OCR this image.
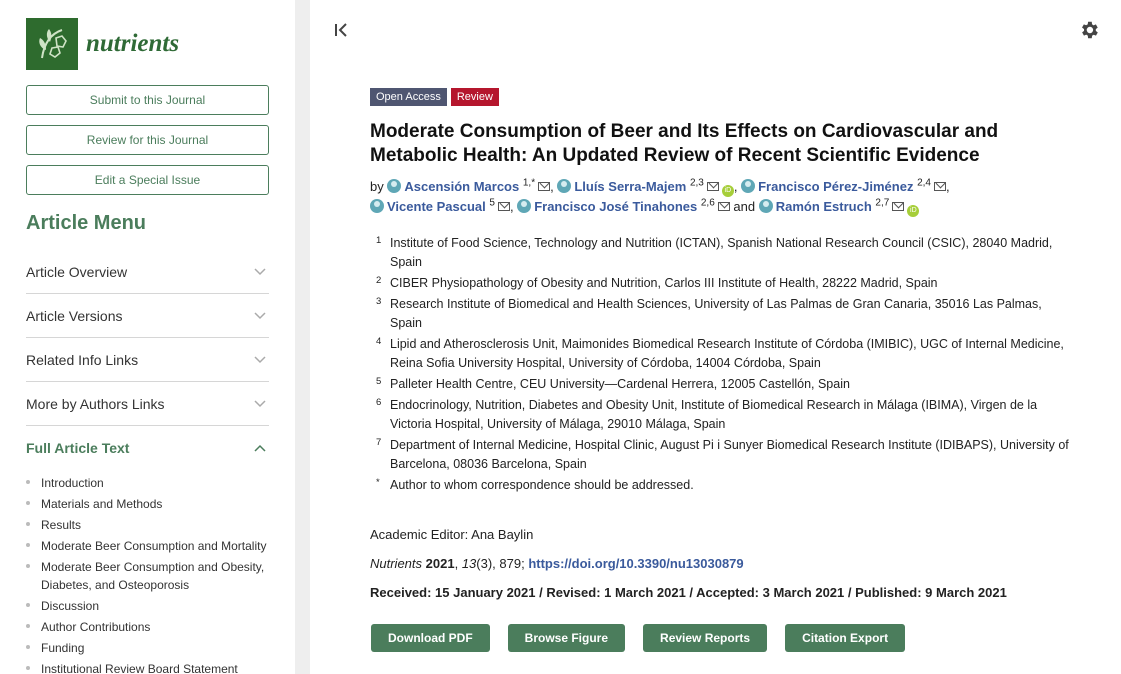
nutrients
Submit to this Journal
Review for this Journal
Edit a Special Issue
Article Menu
Article Overview
Article Versions
Related Info Links
More by Authors Links
Full Article Text
Introduction
Materials and Methods
Results
Moderate Beer Consumption and Mortality
Moderate Beer Consumption and Obesity, Diabetes, and Osteoporosis
Discussion
Author Contributions
Funding
Institutional Review Board Statement
Open Access	Review
Moderate Consumption of Beer and Its Effects on Cardiovascular and Metabolic Health: An Updated Review of Recent Scientific Evidence
by Ascensión Marcos $^{1,*}$ , Lluís Serra-Majem $^{2,3}$iD , Francisco Pérez-Jiménez $^{2,4}$ ,
Vicente Pascual $^5$ , Francisco José Tinahones $^{2,6}$ and Ramón Estruch $^{2,7}$iD
1 Institute of Food Science, Technology and Nutrition (ICTAN), Spanish National Research Council (CSIC), 28040 Madrid, Spain
2 CIBER Physiopathology of Obesity and Nutrition, Carlos III Institute of Health, 28222 Madrid, Spain
3 Research Institute of Biomedical and Health Sciences, University of Las Palmas de Gran Canaria, 35016 Las Palmas, Spain
4 Lipid and Atherosclerosis Unit, Maimonides Biomedical Research Institute of Córdoba (IMIBIC), UGC of Internal Medicine, Reina Sofia University Hospital, University of Córdoba, 14004 Córdoba, Spain
5 Palleter Health Centre, CEU University—Cardenal Herrera, 12005 Castellón, Spain
6 Endocrinology, Nutrition, Diabetes and Obesity Unit, Institute of Biomedical Research in Málaga (IBIMA), Virgen de la Victoria Hospital, University of Málaga, 29010 Málaga, Spain
7 Department of Internal Medicine, Hospital Clinic, August Pi i Sunyer Biomedical Research Institute (IDIBAPS), University of Barcelona, 08036 Barcelona, Spain
* Author to whom correspondence should be addressed.
Academic Editor: Ana Baylin
Nutrients 2021, 13(3), 879; https://doi.org/10.3390/nu13030879
Received: 15 January 2021 / Revised: 1 March 2021 / Accepted: 3 March 2021 / Published: 9 March 2021
Download PDF	Browse Figure	Review Reports	Citation Export
